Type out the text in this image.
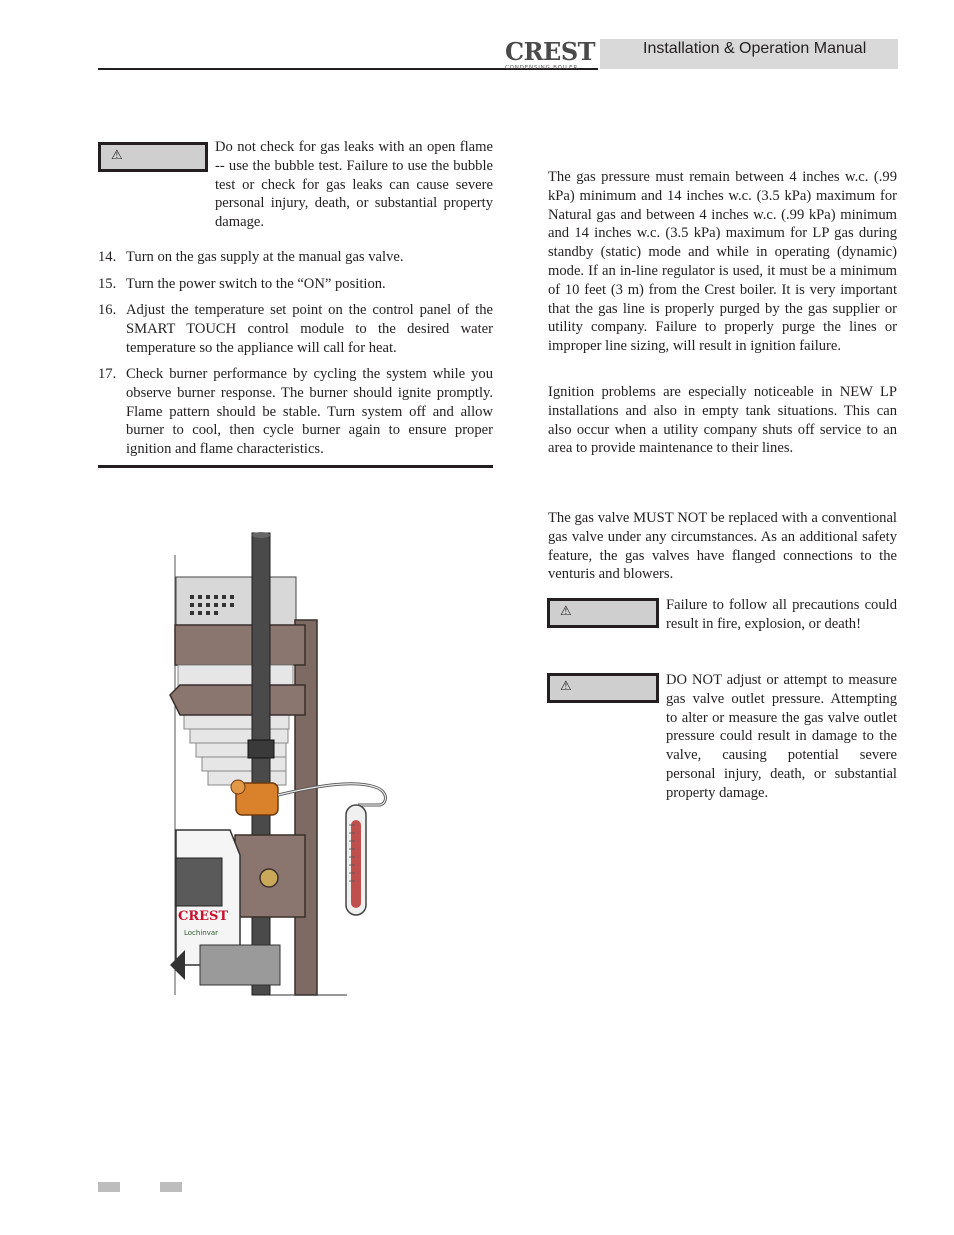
CREST
CONDENSING BOILER
Installation & Operation Manual
⚠
Do not check for gas leaks with an open flame -- use the bubble test. Failure to use the bubble test or check for gas leaks can cause severe personal injury, death, or substantial property damage.
14. Turn on the gas supply at the manual gas valve.
15. Turn the power switch to the “ON” position.
16. Adjust the temperature set point on the control panel of the SMART TOUCH control module to the desired water temperature so the appliance will call for heat.
17. Check burner performance by cycling the system while you observe burner response. The burner should ignite promptly. Flame pattern should be stable. Turn system off and allow burner to cool, then cycle burner again to ensure proper ignition and flame characteristics.
CREST
Lochinvar
The gas pressure must remain between 4 inches w.c. (.99 kPa) minimum and 14 inches w.c. (3.5 kPa) maximum for Natural gas and between 4 inches w.c. (.99 kPa) minimum and 14 inches w.c. (3.5 kPa) maximum for LP gas during standby (static) mode and while in operating (dynamic) mode. If an in-line regulator is used, it must be a minimum of 10 feet (3 m) from the Crest boiler. It is very important that the gas line is properly purged by the gas supplier or utility company. Failure to properly purge the lines or improper line sizing, will result in ignition failure.
Ignition problems are especially noticeable in NEW LP installations and also in empty tank situations. This can also occur when a utility company shuts off service to an area to provide maintenance to their lines.
The gas valve MUST NOT be replaced with a conventional gas valve under any circumstances. As an additional safety feature, the gas valves have flanged connections to the venturis and blowers.
⚠	Failure to follow all precautions could result in fire, explosion, or death!
⚠	DO NOT adjust or attempt to measure gas valve outlet pressure. Attempting to alter or measure the gas valve outlet pressure could result in damage to the valve, causing potential severe personal injury, death, or substantial property damage.
